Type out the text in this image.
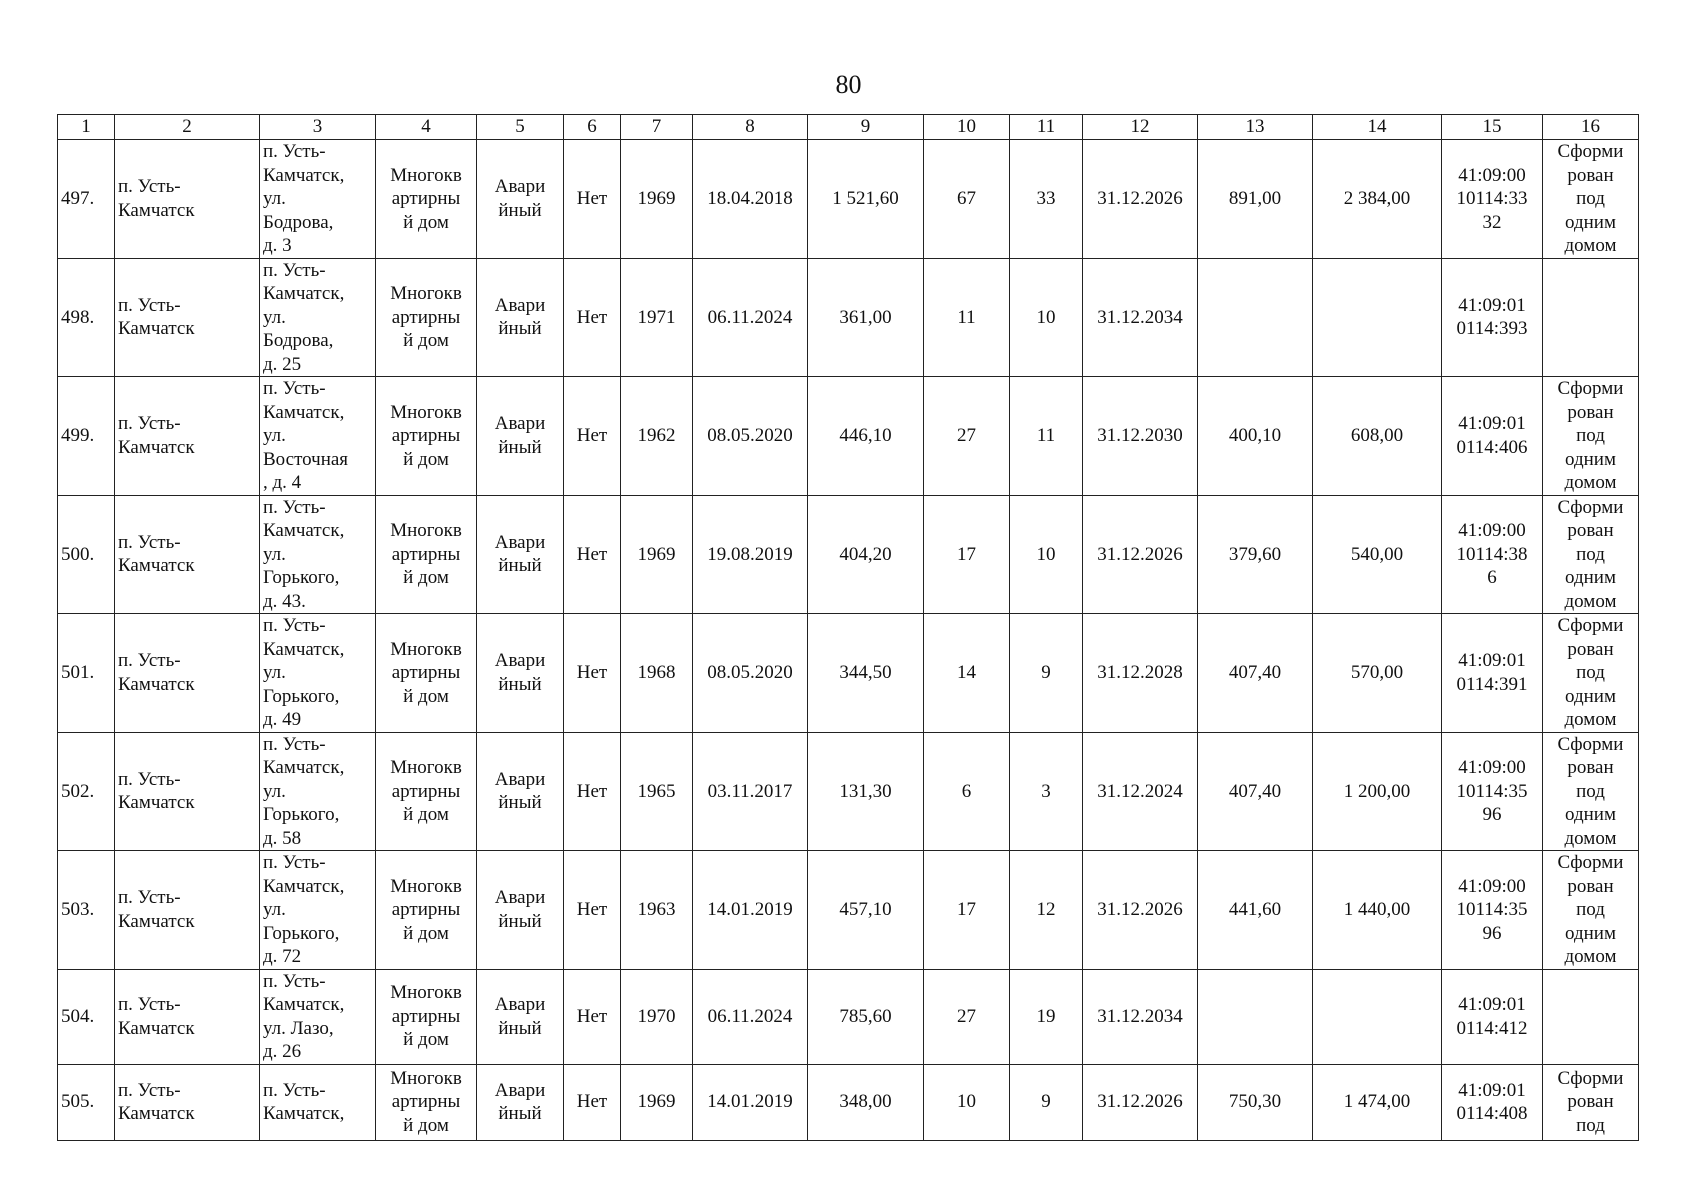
80
1	2	3	4	5	6	7	8	9	10	11	12	13	14	15	16

497.	п. Усть-
Камчатск	п. Усть-
Камчатск,
ул.
Бодрова,
д. 3	Многокв
артирны
й дом	Авари
йный	Нет	1969	18.04.2018	1 521,60	67	33	31.12.2026	891,00	2 384,00	41:09:00
10114:33
32	Сформи
рован
под
одним
домом

498.	п. Усть-
Камчатск	п. Усть-
Камчатск,
ул.
Бодрова,
д. 25	Многокв
артирны
й дом	Авари
йный	Нет	1971	06.11.2024	361,00	11	10	31.12.2034			41:09:01
0114:393	

499.	п. Усть-
Камчатск	п. Усть-
Камчатск,
ул.
Восточная
, д. 4	Многокв
артирны
й дом	Авари
йный	Нет	1962	08.05.2020	446,10	27	11	31.12.2030	400,10	608,00	41:09:01
0114:406	Сформи
рован
под
одним
домом

500.	п. Усть-
Камчатск	п. Усть-
Камчатск,
ул.
Горького,
д. 43.	Многокв
артирны
й дом	Авари
йный	Нет	1969	19.08.2019	404,20	17	10	31.12.2026	379,60	540,00	41:09:00
10114:38
6	Сформи
рован
под
одним
домом

501.	п. Усть-
Камчатск	п. Усть-
Камчатск,
ул.
Горького,
д. 49	Многокв
артирны
й дом	Авари
йный	Нет	1968	08.05.2020	344,50	14	9	31.12.2028	407,40	570,00	41:09:01
0114:391	Сформи
рован
под
одним
домом

502.	п. Усть-
Камчатск	п. Усть-
Камчатск,
ул.
Горького,
д. 58	Многокв
артирны
й дом	Авари
йный	Нет	1965	03.11.2017	131,30	6	3	31.12.2024	407,40	1 200,00	41:09:00
10114:35
96	Сформи
рован
под
одним
домом

503.	п. Усть-
Камчатск	п. Усть-
Камчатск,
ул.
Горького,
д. 72	Многокв
артирны
й дом	Авари
йный	Нет	1963	14.01.2019	457,10	17	12	31.12.2026	441,60	1 440,00	41:09:00
10114:35
96	Сформи
рован
под
одним
домом

504.	п. Усть-
Камчатск	п. Усть-
Камчатск,
ул. Лазо,
д. 26	Многокв
артирны
й дом	Авари
йный	Нет	1970	06.11.2024	785,60	27	19	31.12.2034			41:09:01
0114:412	

505.	п. Усть-
Камчатск	п. Усть-
Камчатск,	Многокв
артирны
й дом	Авари
йный	Нет	1969	14.01.2019	348,00	10	9	31.12.2026	750,30	1 474,00	41:09:01
0114:408	Сформи
рован
под
